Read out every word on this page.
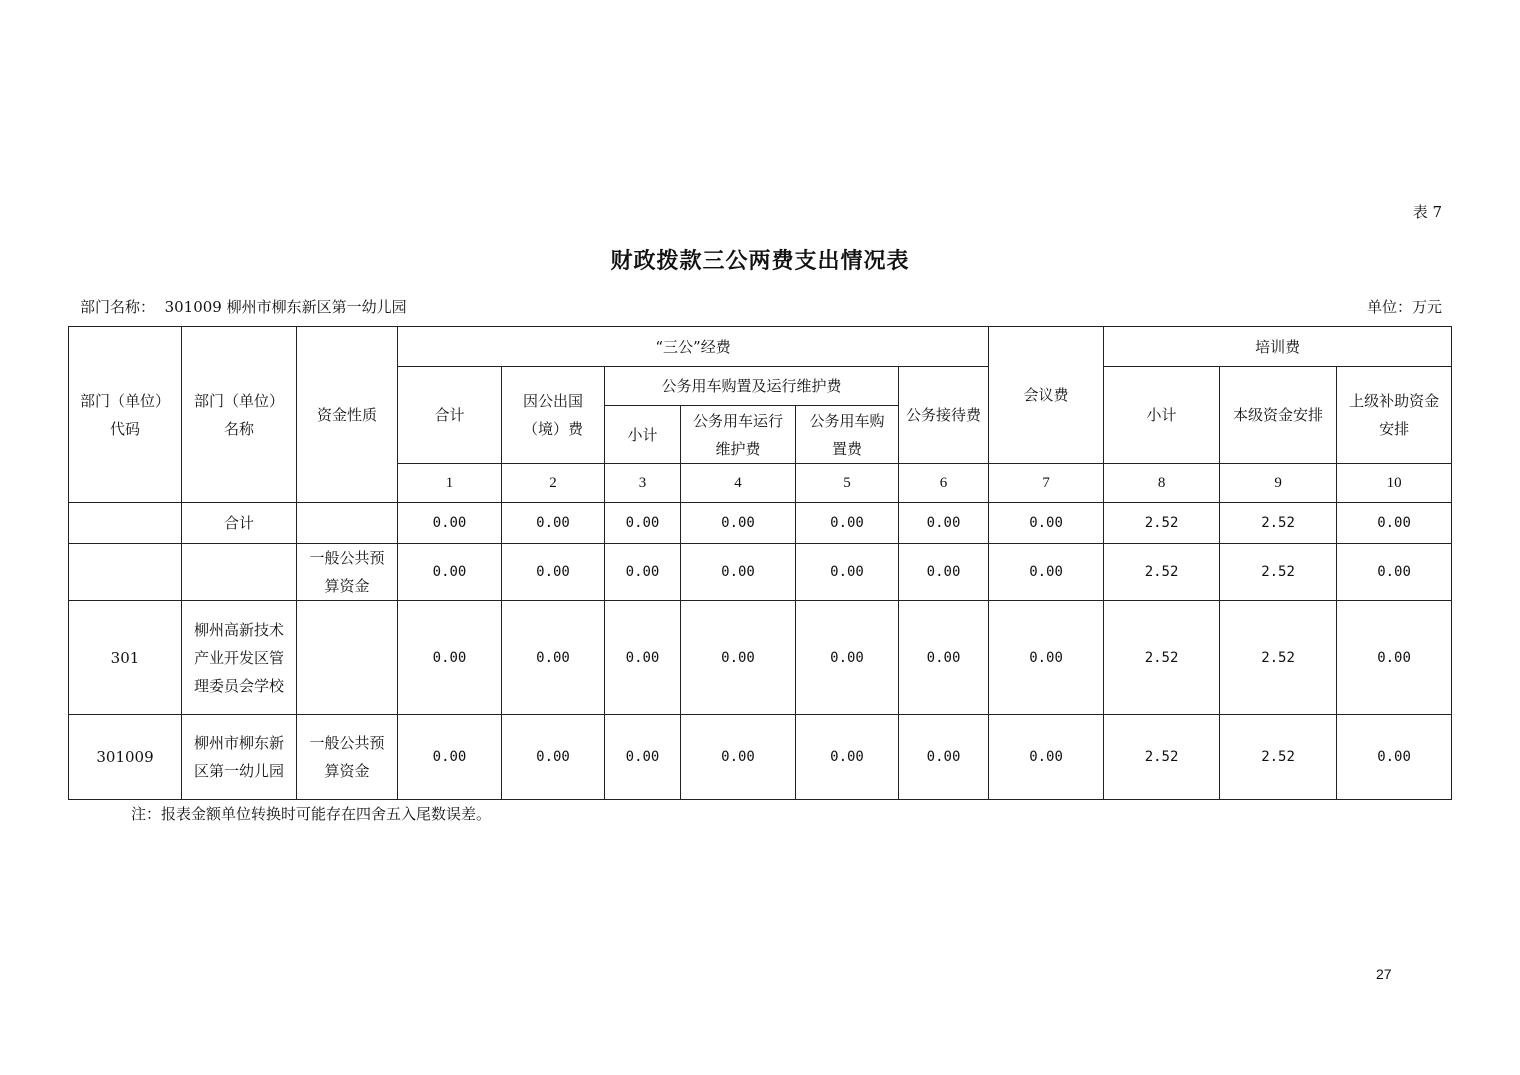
表 7
财政拨款三公两费支出情况表
部门名称： 301009 柳州市柳东新区第一幼儿园	单位：万元
部门（单位）代码	部门（单位）名称	资金性质	“三公”经费						会议费	培训费		
			合计	因公出国（境）费	公务用车购置及运行维护费			公务接待费		小计	本级资金安排	上级补助资金安排
					小计	公务用车运行维护费	公务用车购置费					
			1	2	3	4	5	6	7	8	9	10
	合计		0.00	0.00	0.00	0.00	0.00	0.00	0.00	2.52	2.52	0.00
		一般公共预算资金	0.00	0.00	0.00	0.00	0.00	0.00	0.00	2.52	2.52	0.00
301	柳州高新技术产业开发区管理委员会学校		0.00	0.00	0.00	0.00	0.00	0.00	0.00	2.52	2.52	0.00
301009	柳州市柳东新区第一幼儿园	一般公共预算资金	0.00	0.00	0.00	0.00	0.00	0.00	0.00	2.52	2.52	0.00
注：报表金额单位转换时可能存在四舍五入尾数误差。
27
